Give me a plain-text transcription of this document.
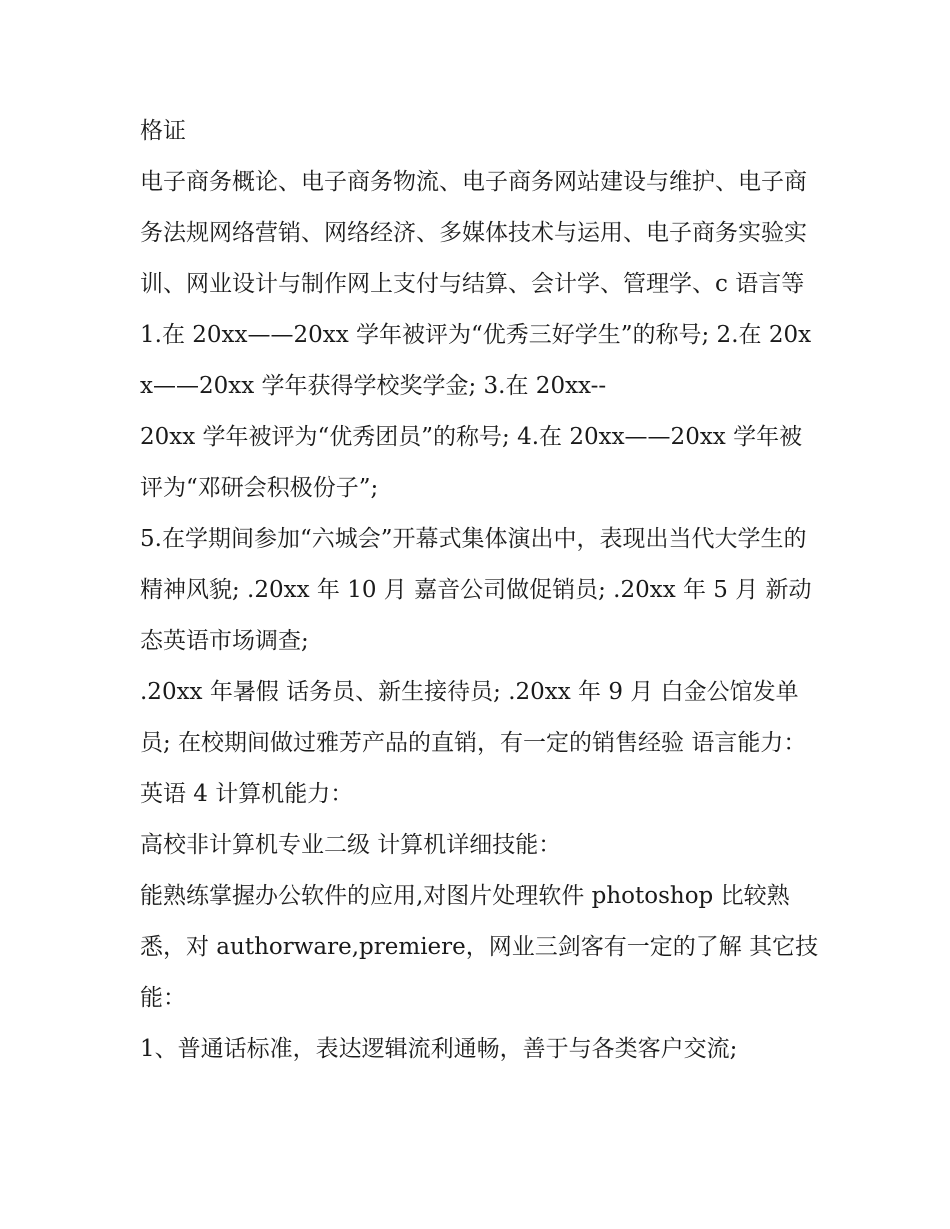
格证

电子商务概论、电子商务物流、电子商务网站建设与维护、电子商务法规网络营销、网络经济、多媒体技术与运用、电子商务实验实训、网业设计与制作网上支付与结算、会计学、管理学、c 语言等

1.在 20xx——20xx 学年被评为“优秀三好学生”的称号; 2.在 20xx——20xx 学年获得学校奖学金; 3.在 20xx--

20xx 学年被评为“优秀团员”的称号; 4.在 20xx——20xx 学年被评为“邓研会积极份子”;

5.在学期间参加“六城会”开幕式集体演出中，表现出当代大学生的精神风貌; .20xx 年 10 月 嘉音公司做促销员; .20xx 年 5 月 新动态英语市场调查;

.20xx 年暑假 话务员、新生接待员; .20xx 年 9 月 白金公馆发单员; 在校期间做过雅芳产品的直销，有一定的销售经验 语言能力： 英语 4 计算机能力：

高校非计算机专业二级 计算机详细技能：

能熟练掌握办公软件的应用,对图片处理软件 photoshop 比较熟悉，对 authorware,premiere，网业三剑客有一定的了解 其它技能：

1、普通话标准，表达逻辑流利通畅，善于与各类客户交流;
